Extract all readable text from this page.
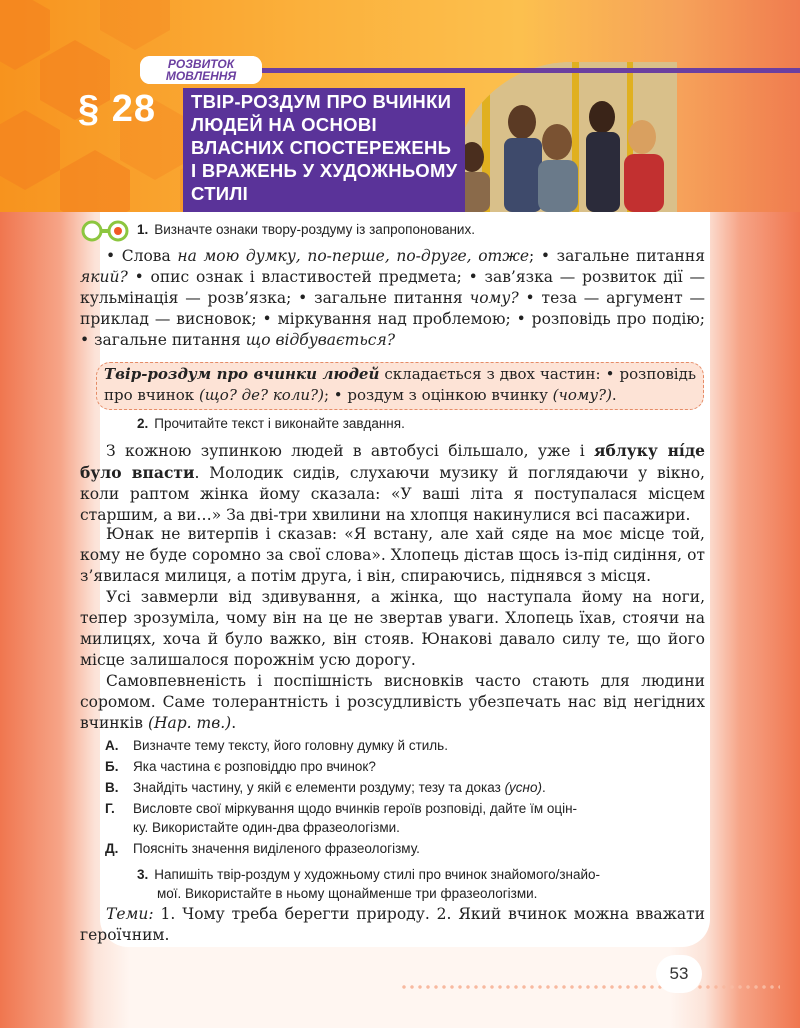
РОЗВИТОК МОВЛЕННЯ
§ 28 ТВІР-РОЗДУМ ПРО ВЧИНКИ ЛЮДЕЙ НА ОСНОВІ ВЛАСНИХ СПОСТЕРЕЖЕНЬ І ВРАЖЕНЬ У ХУДОЖНЬОМУ СТИЛІ
1. Визначте ознаки твору-роздуму із запропонованих.
• Слова на мою думку, по-перше, по-друге, отже; • загальне питання який? • опис ознак і властивостей предмета; • зав’язка — розвиток дії — кульмінація — розв’язка; • загальне питання чому? • теза — аргумент — приклад — висновок; • міркування над проблемою; • розповідь про подію; • загальне питання що відбувається?
Твір-роздум про вчинки людей складається з двох частин: • розповідь про вчинок (що? де? коли?); • роздум з оцінкою вчинку (чому?).
2. Прочитайте текст і виконайте завдання.
З кожною зупинкою людей в автобусі більшало, уже і яблуку ні́де було впасти. Молодик сидів, слухаючи музику й поглядаючи у вікно, коли раптом жінка йому сказала: «У ваші літа я поступалася місцем старшим, а ви…» За дві-три хвилини на хлопця накинулися всі пасажири.
Юнак не витерпів і сказав: «Я встану, але хай сяде на моє місце той, кому не буде соромно за свої слова». Хлопець дістав щось із-під сидіння, от з’явилася милиця, а потім друга, і він, спираючись, піднявся з місця.
Усі завмерли від здивування, а жінка, що наступала йому на ноги, тепер зрозуміла, чому він на це не звертав уваги. Хлопець їхав, стоячи на милицях, хоча й було важко, він стояв. Юнакові давало силу те, що його місце залишалося порожнім усю дорогу.
Самовпевненість і поспішність висновків часто стають для людини соромом. Саме толерантність і розсудливість убезпечать нас від негідних вчинків (Нар. тв.).
А. Визначте тему тексту, його головну думку й стиль.
Б. Яка частина є розповіддю про вчинок?
В. Знайдіть частину, у якій є елементи роздуму; тезу та доказ (усно).
Г. Висловте свої міркування щодо вчинків героїв розповіді, дайте їм оцін-
ку. Використайте один-два фразеологізми.
Д. Поясніть значення виділеного фразеологізму.
3. Напишіть твір-роздум у художньому стилі про вчинок знайомого/знайо-
мої. Використайте в ньому щонайменше три фразеологізми.
Теми: 1. Чому треба берегти природу. 2. Який вчинок можна вважати героїчним.
53
